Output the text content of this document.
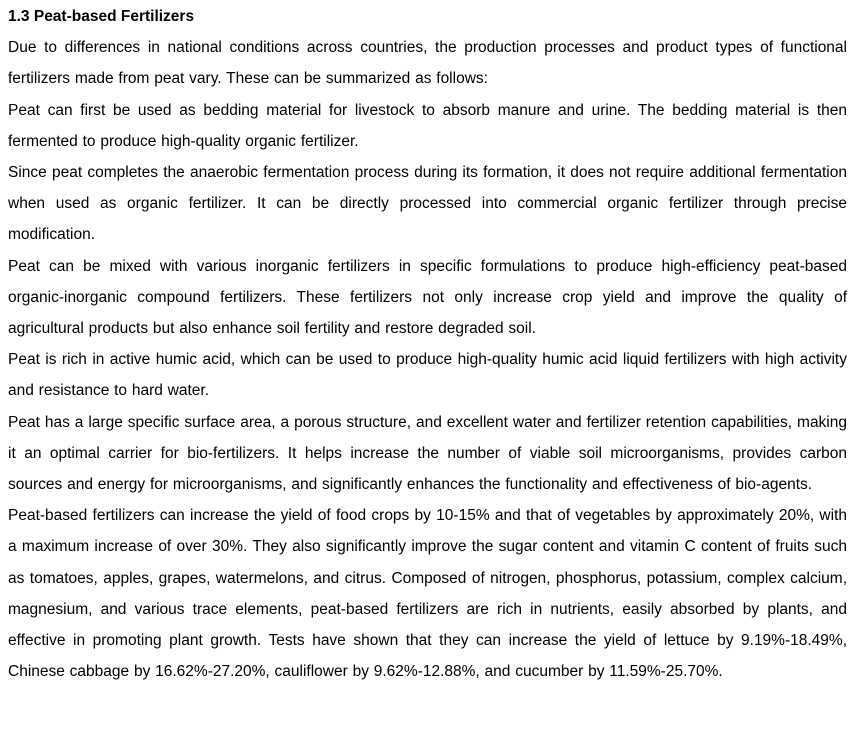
1.3 Peat-based Fertilizers

Due to differences in national conditions across countries, the production processes and product types of functional fertilizers made from peat vary. These can be summarized as follows:

Peat can first be used as bedding material for livestock to absorb manure and urine. The bedding material is then fermented to produce high-quality organic fertilizer.

Since peat completes the anaerobic fermentation process during its formation, it does not require additional fermentation when used as organic fertilizer. It can be directly processed into commercial organic fertilizer through precise modification.

Peat can be mixed with various inorganic fertilizers in specific formulations to produce high-efficiency peat-based organic-inorganic compound fertilizers. These fertilizers not only increase crop yield and improve the quality of agricultural products but also enhance soil fertility and restore degraded soil.

Peat is rich in active humic acid, which can be used to produce high-quality humic acid liquid fertilizers with high activity and resistance to hard water.

Peat has a large specific surface area, a porous structure, and excellent water and fertilizer retention capabilities, making it an optimal carrier for bio-fertilizers. It helps increase the number of viable soil microorganisms, provides carbon sources and energy for microorganisms, and significantly enhances the functionality and effectiveness of bio-agents.

Peat-based fertilizers can increase the yield of food crops by 10-15% and that of vegetables by approximately 20%, with a maximum increase of over 30%. They also significantly improve the sugar content and vitamin C content of fruits such as tomatoes, apples, grapes, watermelons, and citrus. Composed of nitrogen, phosphorus, potassium, complex calcium, magnesium, and various trace elements, peat-based fertilizers are rich in nutrients, easily absorbed by plants, and effective in promoting plant growth. Tests have shown that they can increase the yield of lettuce by 9.19%-18.49%, Chinese cabbage by 16.62%-27.20%, cauliflower by 9.62%-12.88%, and cucumber by 11.59%-25.70%.
